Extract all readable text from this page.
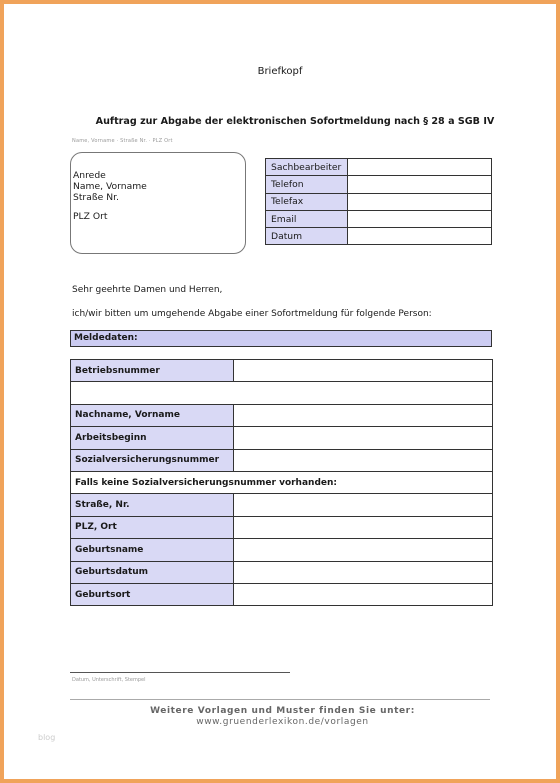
Briefkopf
Auftrag zur Abgabe der elektronischen Sofortmeldung nach § 28 a SGB IV
Name, Vorname · Straße Nr. · PLZ Ort
Anrede
Name, Vorname
Straße Nr.
PLZ Ort
Sachbearbeiter	
Telefon	
Telefax	
Email	
Datum	
Sehr geehrte Damen und Herren,
ich/wir bitten um umgehende Abgabe einer Sofortmeldung für folgende Person:
Meldedaten:
Betriebsnummer	

Nachname, Vorname	
Arbeitsbeginn	
Sozialversicherungsnummer	
Falls keine Sozialversicherungsnummer vorhanden:	
Straße, Nr.	
PLZ, Ort	
Geburtsname	
Geburtsdatum	
Geburtsort	
Datum, Unterschrift, Stempel
Weitere Vorlagen und Muster finden Sie unter:
www.gruenderlexikon.de/vorlagen
blog
